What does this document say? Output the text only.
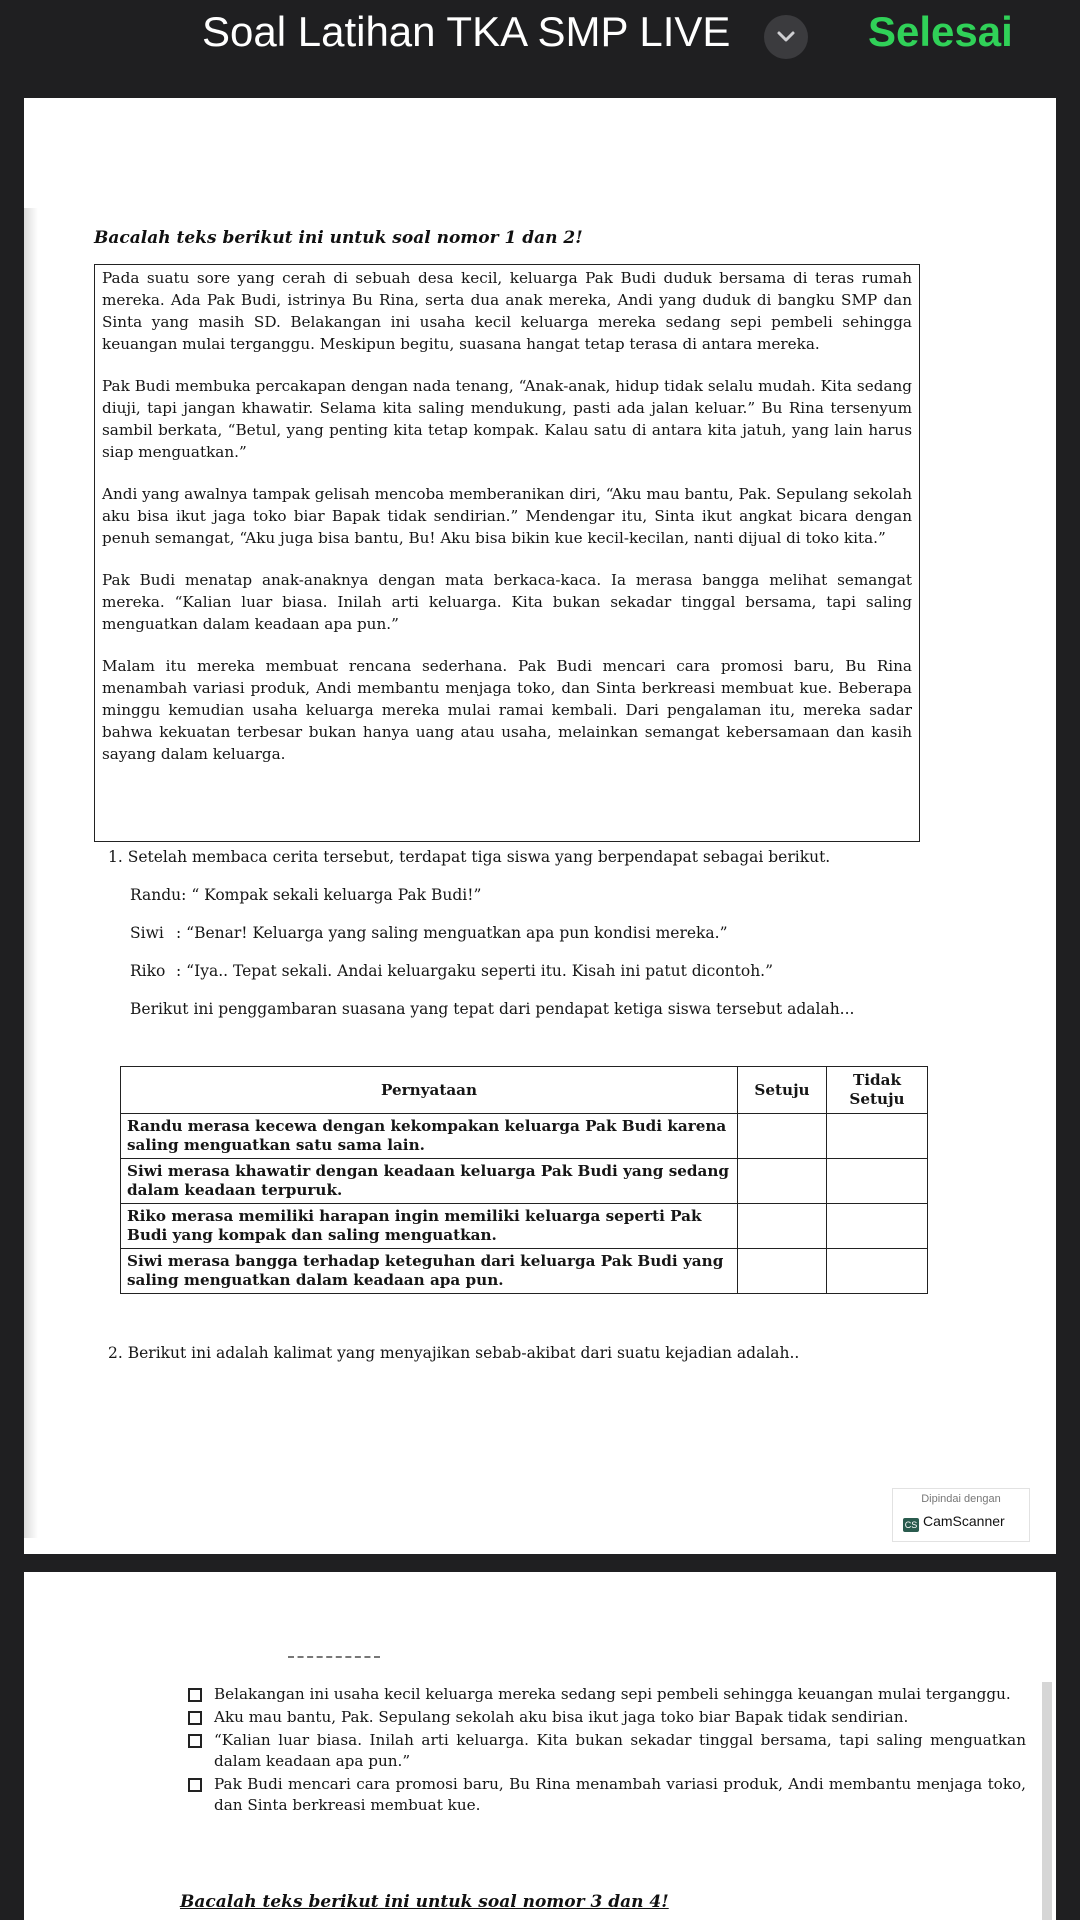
Soal Latihan TKA SMP LIVE	Selesai
Bacalah teks berikut ini untuk soal nomor 1 dan 2!

Pada suatu sore yang cerah di sebuah desa kecil, keluarga Pak Budi duduk bersama di teras rumah mereka. Ada Pak Budi, istrinya Bu Rina, serta dua anak mereka, Andi yang duduk di bangku SMP dan Sinta yang masih SD. Belakangan ini usaha kecil keluarga mereka sedang sepi pembeli sehingga keuangan mulai terganggu. Meskipun begitu, suasana hangat tetap terasa di antara mereka.

Pak Budi membuka percakapan dengan nada tenang, “Anak-anak, hidup tidak selalu mudah. Kita sedang diuji, tapi jangan khawatir. Selama kita saling mendukung, pasti ada jalan keluar.” Bu Rina tersenyum sambil berkata, “Betul, yang penting kita tetap kompak. Kalau satu di antara kita jatuh, yang lain harus siap menguatkan.”

Andi yang awalnya tampak gelisah mencoba memberanikan diri, “Aku mau bantu, Pak. Sepulang sekolah aku bisa ikut jaga toko biar Bapak tidak sendirian.” Mendengar itu, Sinta ikut angkat bicara dengan penuh semangat, “Aku juga bisa bantu, Bu! Aku bisa bikin kue kecil-kecilan, nanti dijual di toko kita.”

Pak Budi menatap anak-anaknya dengan mata berkaca-kaca. Ia merasa bangga melihat semangat mereka. “Kalian luar biasa. Inilah arti keluarga. Kita bukan sekadar tinggal bersama, tapi saling menguatkan dalam keadaan apa pun.”

Malam itu mereka membuat rencana sederhana. Pak Budi mencari cara promosi baru, Bu Rina menambah variasi produk, Andi membantu menjaga toko, dan Sinta berkreasi membuat kue. Beberapa minggu kemudian usaha keluarga mereka mulai ramai kembali. Dari pengalaman itu, mereka sadar bahwa kekuatan terbesar bukan hanya uang atau usaha, melainkan semangat kebersamaan dan kasih sayang dalam keluarga.

1. Setelah membaca cerita tersebut, terdapat tiga siswa yang berpendapat sebagai berikut.
Randu: “ Kompak sekali keluarga Pak Budi!”
Siwi : “Benar! Keluarga yang saling menguatkan apa pun kondisi mereka.”
Riko : “Iya.. Tepat sekali. Andai keluargaku seperti itu. Kisah ini patut dicontoh.”
Berikut ini penggambaran suasana yang tepat dari pendapat ketiga siswa tersebut adalah...
Pernyataan	Setuju	Tidak Setuju
Randu merasa kecewa dengan kekompakan keluarga Pak Budi karena saling menguatkan satu sama lain.		
Siwi merasa khawatir dengan keadaan keluarga Pak Budi yang sedang dalam keadaan terpuruk.		
Riko merasa memiliki harapan ingin memiliki keluarga seperti Pak Budi yang kompak dan saling menguatkan.		
Siwi merasa bangga terhadap keteguhan dari keluarga Pak Budi yang saling menguatkan dalam keadaan apa pun.		
2. Berikut ini adalah kalimat yang menyajikan sebab-akibat dari suatu kejadian adalah..
Dipindai dengan
CS CamScanner
Belakangan ini usaha kecil keluarga mereka sedang sepi pembeli sehingga keuangan mulai terganggu.
Aku mau bantu, Pak. Sepulang sekolah aku bisa ikut jaga toko biar Bapak tidak sendirian.
“Kalian luar biasa. Inilah arti keluarga. Kita bukan sekadar tinggal bersama, tapi saling menguatkan dalam keadaan apa pun.”
Pak Budi mencari cara promosi baru, Bu Rina menambah variasi produk, Andi membantu menjaga toko, dan Sinta berkreasi membuat kue.
Bacalah teks berikut ini untuk soal nomor 3 dan 4!
